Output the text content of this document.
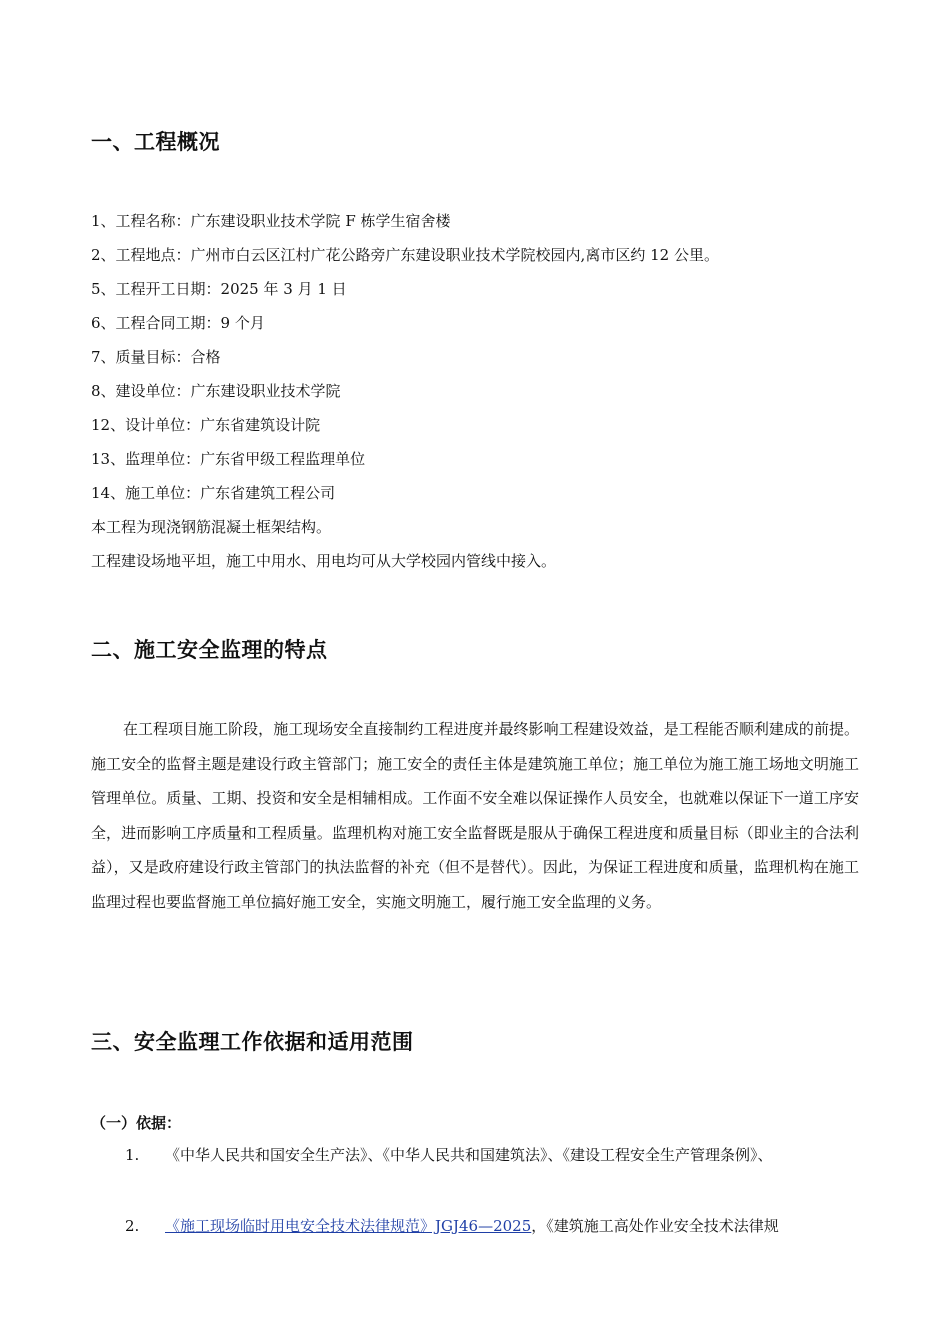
一、工程概况
1、工程名称：广东建设职业技术学院 F 栋学生宿舍楼
2、工程地点：广州市白云区江村广花公路旁广东建设职业技术学院校园内,离市区约 12 公里。
5、工程开工日期：2025 年 3 月 1 日
6、工程合同工期：9 个月
7、质量目标：合格
8、建设单位：广东建设职业技术学院
12、设计单位：广东省建筑设计院
13、监理单位：广东省甲级工程监理单位
14、施工单位：广东省建筑工程公司
本工程为现浇钢筋混凝土框架结构。
工程建设场地平坦，施工中用水、用电均可从大学校园内管线中接入。
二、施工安全监理的特点
在工程项目施工阶段，施工现场安全直接制约工程进度并最终影响工程建设效益，是工程能否顺利建成的前提。施工安全的监督主题是建设行政主管部门；施工安全的责任主体是建筑施工单位；施工单位为施工施工场地文明施工管理单位。质量、工期、投资和安全是相辅相成。工作面不安全难以保证操作人员安全，也就难以保证下一道工序安全，进而影响工序质量和工程质量。监理机构对施工安全监督既是服从于确保工程进度和质量目标（即业主的合法利益），又是政府建设行政主管部门的执法监督的补充（但不是替代）。因此，为保证工程进度和质量，监理机构在施工监理过程也要监督施工单位搞好施工安全，实施文明施工，履行施工安全监理的义务。
三、安全监理工作依据和适用范围
（一）依据：
1. 《中华人民共和国安全生产法》、《中华人民共和国建筑法》、《建设工程安全生产管理条例》、
2. 《施工现场临时用电安全技术法律规范》JGJ46—2025，《建筑施工高处作业安全技术法律规
